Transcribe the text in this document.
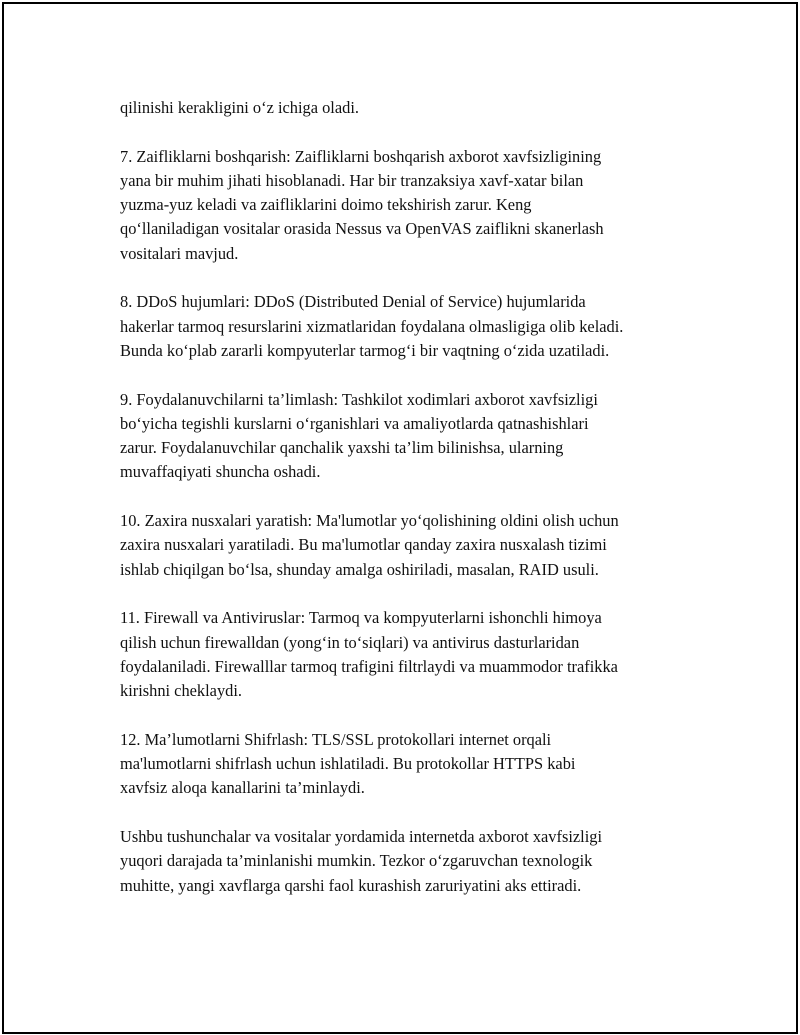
qilinishi kerakligini oʻz ichiga oladi.

7. Zaifliklarni boshqarish: Zaifliklarni boshqarish axborot xavfsizligining
yana bir muhim jihati hisoblanadi. Har bir tranzaksiya xavf-xatar bilan
yuzma-yuz keladi va zaifliklarini doimo tekshirish zarur. Keng
qoʻllaniladigan vositalar orasida Nessus va OpenVAS zaiflikni skanerlash
vositalari mavjud.

8. DDoS hujumlari: DDoS (Distributed Denial of Service) hujumlarida
hakerlar tarmoq resurslarini xizmatlaridan foydalana olmasligiga olib keladi.
Bunda koʻplab zararli kompyuterlar tarmogʻi bir vaqtning oʻzida uzatiladi.

9. Foydalanuvchilarni ta’limlash: Tashkilot xodimlari axborot xavfsizligi
boʻyicha tegishli kurslarni oʻrganishlari va amaliyotlarda qatnashishlari
zarur. Foydalanuvchilar qanchalik yaxshi ta’lim bilinishsa, ularning
muvaffaqiyati shuncha oshadi.

10. Zaxira nusxalari yaratish: Ma'lumotlar yoʻqolishining oldini olish uchun
zaxira nusxalari yaratiladi. Bu ma'lumotlar qanday zaxira nusxalash tizimi
ishlab chiqilgan boʻlsa, shunday amalga oshiriladi, masalan, RAID usuli.

11. Firewall va Antiviruslar: Tarmoq va kompyuterlarni ishonchli himoya
qilish uchun firewalldan (yongʻin toʻsiqlari) va antivirus dasturlaridan
foydalaniladi. Firewalllar tarmoq trafigini filtrlaydi va muammodor trafikka
kirishni cheklaydi.

12. Ma’lumotlarni Shifrlash: TLS/SSL protokollari internet orqali
ma'lumotlarni shifrlash uchun ishlatiladi. Bu protokollar HTTPS kabi
xavfsiz aloqa kanallarini ta’minlaydi.

Ushbu tushunchalar va vositalar yordamida internetda axborot xavfsizligi
yuqori darajada ta’minlanishi mumkin. Tezkor oʻzgaruvchan texnologik
muhitte, yangi xavflarga qarshi faol kurashish zaruriyatini aks ettiradi.
